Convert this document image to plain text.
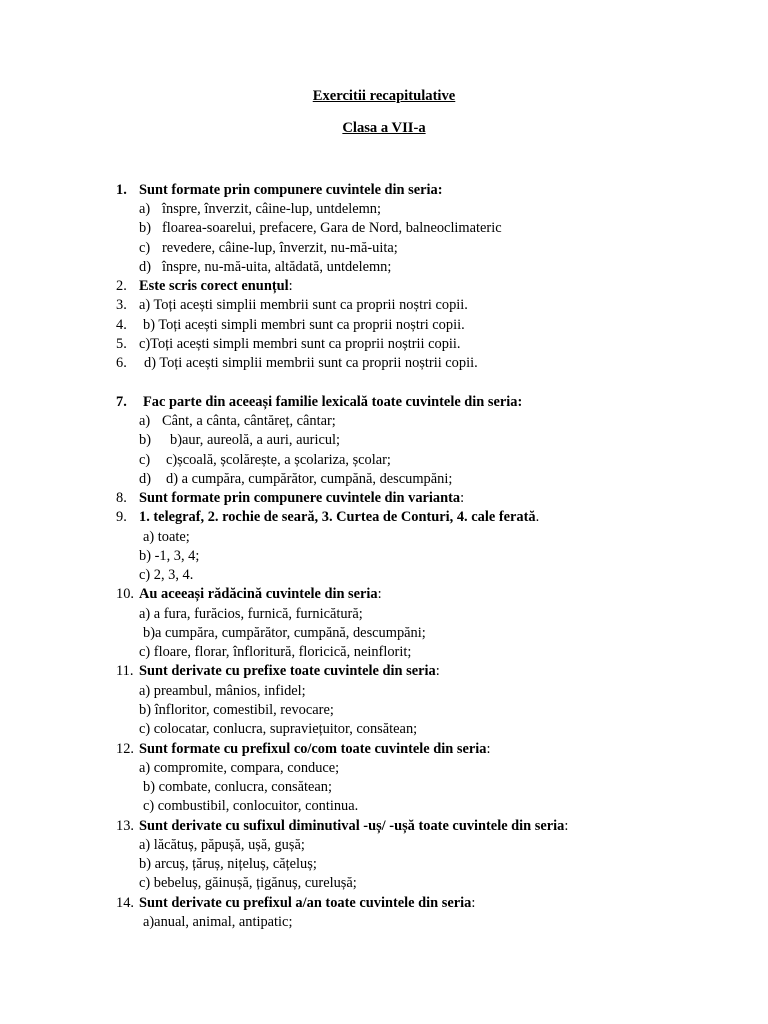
Exercitii recapitulative
Clasa a VII-a
1. Sunt formate prin compunere cuvintele din seria:
a) înspre, înverzit, câine-lup, untdelemn;
b) floarea-soarelui, prefacere, Gara de Nord, balneoclimateric
c) revedere, câine-lup, înverzit, nu-mă-uita;
d) înspre, nu-mă-uita, altădată, untdelemn;
2. Este scris corect enunțul:
3. a) Toți acești simplii membrii sunt ca proprii noștri copii.
4. b) Toți acești simpli membri sunt ca proprii noștri copii.
5. c)Toți acești simpli membri sunt ca proprii noștrii copii.
6. d) Toți acești simplii membrii sunt ca proprii noștrii copii.
7. Fac parte din aceeași familie lexicală toate cuvintele din seria:
a) Cânt, a cânta, cântăreț, cântar;
b) b)aur, aureolă, a auri, auricul;
c) c)școală, școlărește, a școlariza, școlar;
d) d) a cumpăra, cumpărător, cumpănă, descumpăni;
8. Sunt formate prin compunere cuvintele din varianta:
9. 1. telegraf, 2. rochie de seară, 3. Curtea de Conturi, 4. cale ferată.
a) toate;
b) -1, 3, 4;
c) 2, 3, 4.
10. Au aceeași rădăcină cuvintele din seria:
a) a fura, furăcios, furnică, furnicătură;
b)a cumpăra, cumpărător, cumpănă, descumpăni;
c) floare, florar, înfloritură, floricică, neinflorit;
11. Sunt derivate cu prefixe toate cuvintele din seria:
a) preambul, mânios, infidel;
b) înfloritor, comestibil, revocare;
c) colocatar, conlucra, supraviețuitor, consătean;
12. Sunt formate cu prefixul co/com toate cuvintele din seria:
a) compromite, compara, conduce;
b) combate, conlucra, consătean;
c) combustibil, conlocuitor, continua.
13. Sunt derivate cu sufixul diminutival -uș/ -ușă toate cuvintele din seria:
a) lăcătuș, păpușă, ușă, gușă;
b) arcuș, țăruș, nițeluș, cățeluș;
c) bebeluș, găinușă, țigănuș, curelușă;
14. Sunt derivate cu prefixul a/an toate cuvintele din seria:
a)anual, animal, antipatic;
